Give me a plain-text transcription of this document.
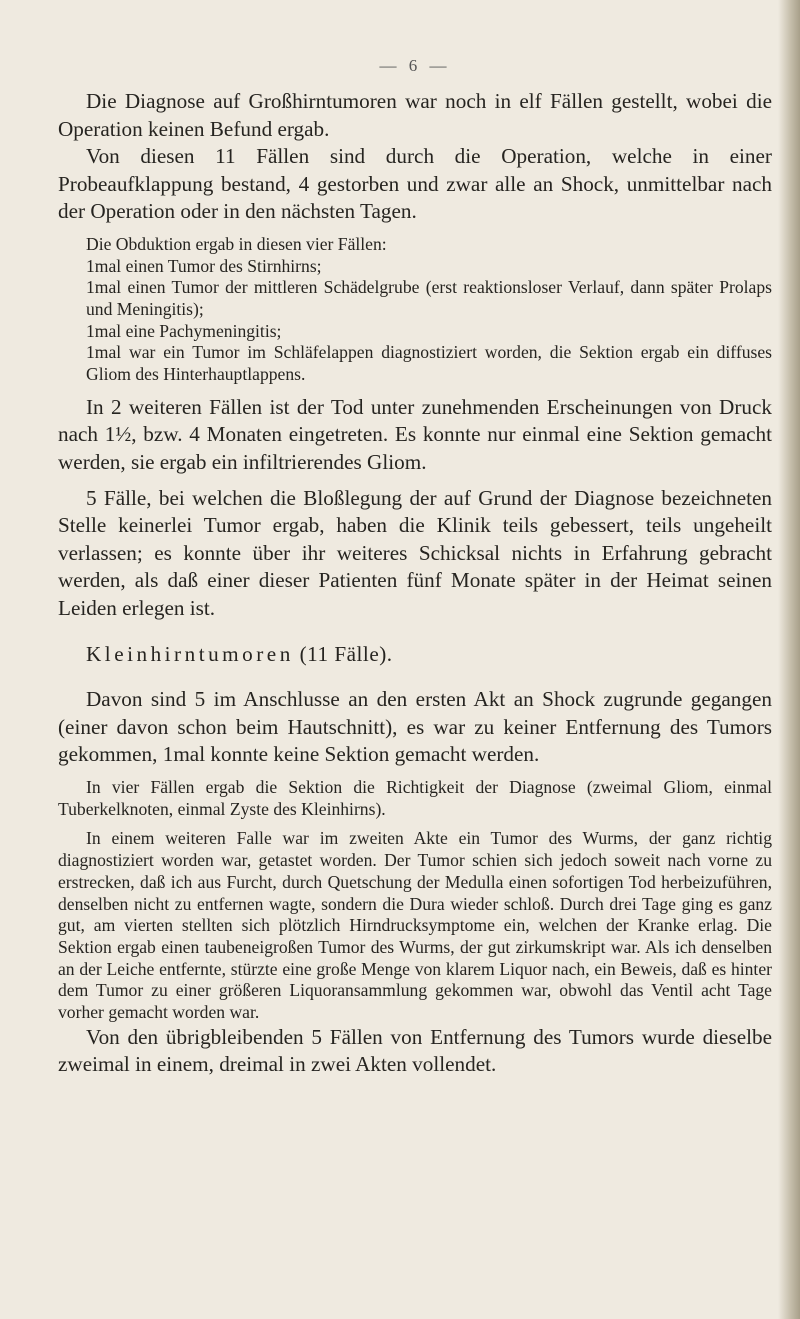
— 6 —

Die Diagnose auf Großhirntumoren war noch in elf Fällen gestellt, wobei die Operation keinen Befund ergab.

Von diesen 11 Fällen sind durch die Operation, welche in einer Probeaufklappung bestand, 4 gestorben und zwar alle an Shock, unmittelbar nach der Operation oder in den nächsten Tagen.

Die Obduktion ergab in diesen vier Fällen:

1mal einen Tumor des Stirnhirns;

1mal einen Tumor der mittleren Schädelgrube (erst reaktionsloser Verlauf, dann später Prolaps und Meningitis);

1mal eine Pachymeningitis;

1mal war ein Tumor im Schläfelappen diagnostiziert worden, die Sektion ergab ein diffuses Gliom des Hinterhauptlappens.

In 2 weiteren Fällen ist der Tod unter zunehmenden Erscheinungen von Druck nach 1½, bzw. 4 Monaten eingetreten. Es konnte nur einmal eine Sektion gemacht werden, sie ergab ein infiltrierendes Gliom.

5 Fälle, bei welchen die Bloßlegung der auf Grund der Diagnose bezeichneten Stelle keinerlei Tumor ergab, haben die Klinik teils gebessert, teils ungeheilt verlassen; es konnte über ihr weiteres Schicksal nichts in Erfahrung gebracht werden, als daß einer dieser Patienten fünf Monate später in der Heimat seinen Leiden erlegen ist.

Kleinhirntumoren (11 Fälle).

Davon sind 5 im Anschlusse an den ersten Akt an Shock zugrunde gegangen (einer davon schon beim Hautschnitt), es war zu keiner Entfernung des Tumors gekommen, 1mal konnte keine Sektion gemacht werden.

In vier Fällen ergab die Sektion die Richtigkeit der Diagnose (zweimal Gliom, einmal Tuberkelknoten, einmal Zyste des Kleinhirns).

In einem weiteren Falle war im zweiten Akte ein Tumor des Wurms, der ganz richtig diagnostiziert worden war, getastet worden. Der Tumor schien sich jedoch soweit nach vorne zu erstrecken, daß ich aus Furcht, durch Quetschung der Medulla einen sofortigen Tod herbeizuführen, denselben nicht zu entfernen wagte, sondern die Dura wieder schloß. Durch drei Tage ging es ganz gut, am vierten stellten sich plötzlich Hirndrucksymptome ein, welchen der Kranke erlag. Die Sektion ergab einen taubeneigroßen Tumor des Wurms, der gut zirkumskript war. Als ich denselben an der Leiche entfernte, stürzte eine große Menge von klarem Liquor nach, ein Beweis, daß es hinter dem Tumor zu einer größeren Liquoransammlung gekommen war, obwohl das Ventil acht Tage vorher gemacht worden war.

Von den übrigbleibenden 5 Fällen von Entfernung des Tumors wurde dieselbe zweimal in einem, dreimal in zwei Akten vollendet.
